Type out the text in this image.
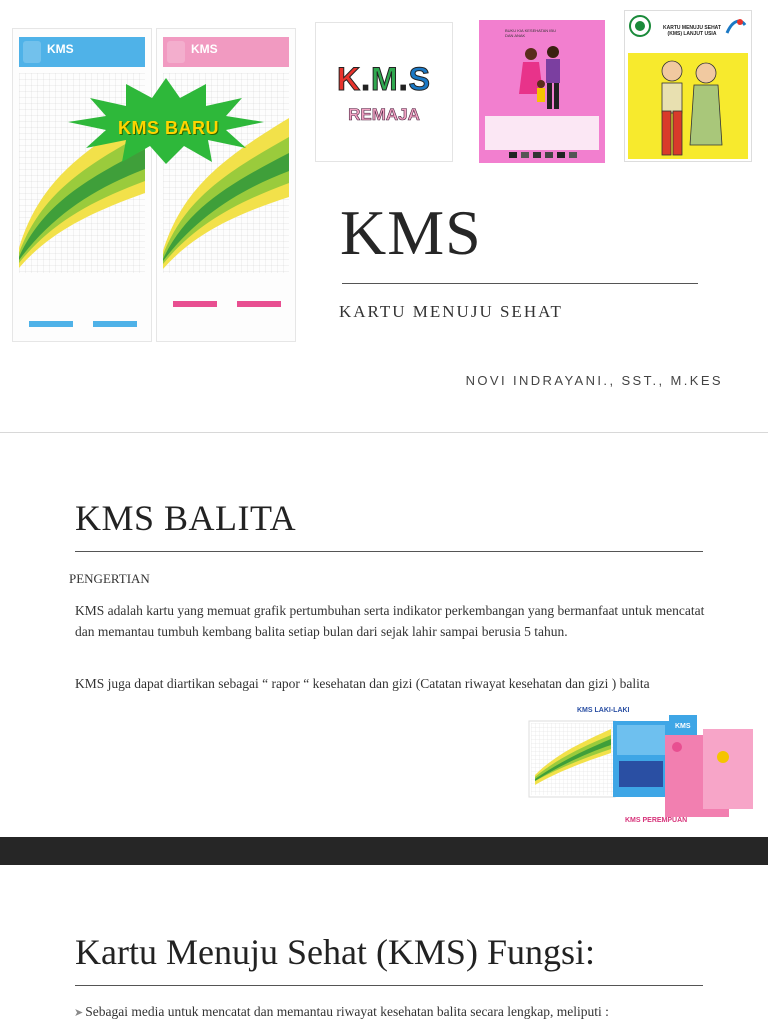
KMS	KMS
KMS BARU
K.M.S
REMAJA
BUKU KIA KESEHATAN IBU DAN ANAK
KARTU MENUJU SEHAT (KMS) LANJUT USIA
KMS
KARTU MENUJU SEHAT
NOVI INDRAYANI., SST., M.KES
KMS BALITA
PENGERTIAN

KMS adalah kartu yang memuat grafik pertumbuhan serta indikator perkembangan yang bermanfaat untuk mencatat dan memantau tumbuh kembang balita setiap bulan dari sejak lahir sampai berusia 5 tahun.

KMS juga dapat diartikan sebagai “ rapor “ kesehatan dan gizi (Catatan riwayat kesehatan dan gizi ) balita

KMS LAKI-LAKI
KMS
KMS PEREMPUAN
Kartu Menuju Sehat (KMS) Fungsi:
➤ Sebagai media untuk mencatat dan memantau riwayat kesehatan balita secara lengkap, meliputi :
